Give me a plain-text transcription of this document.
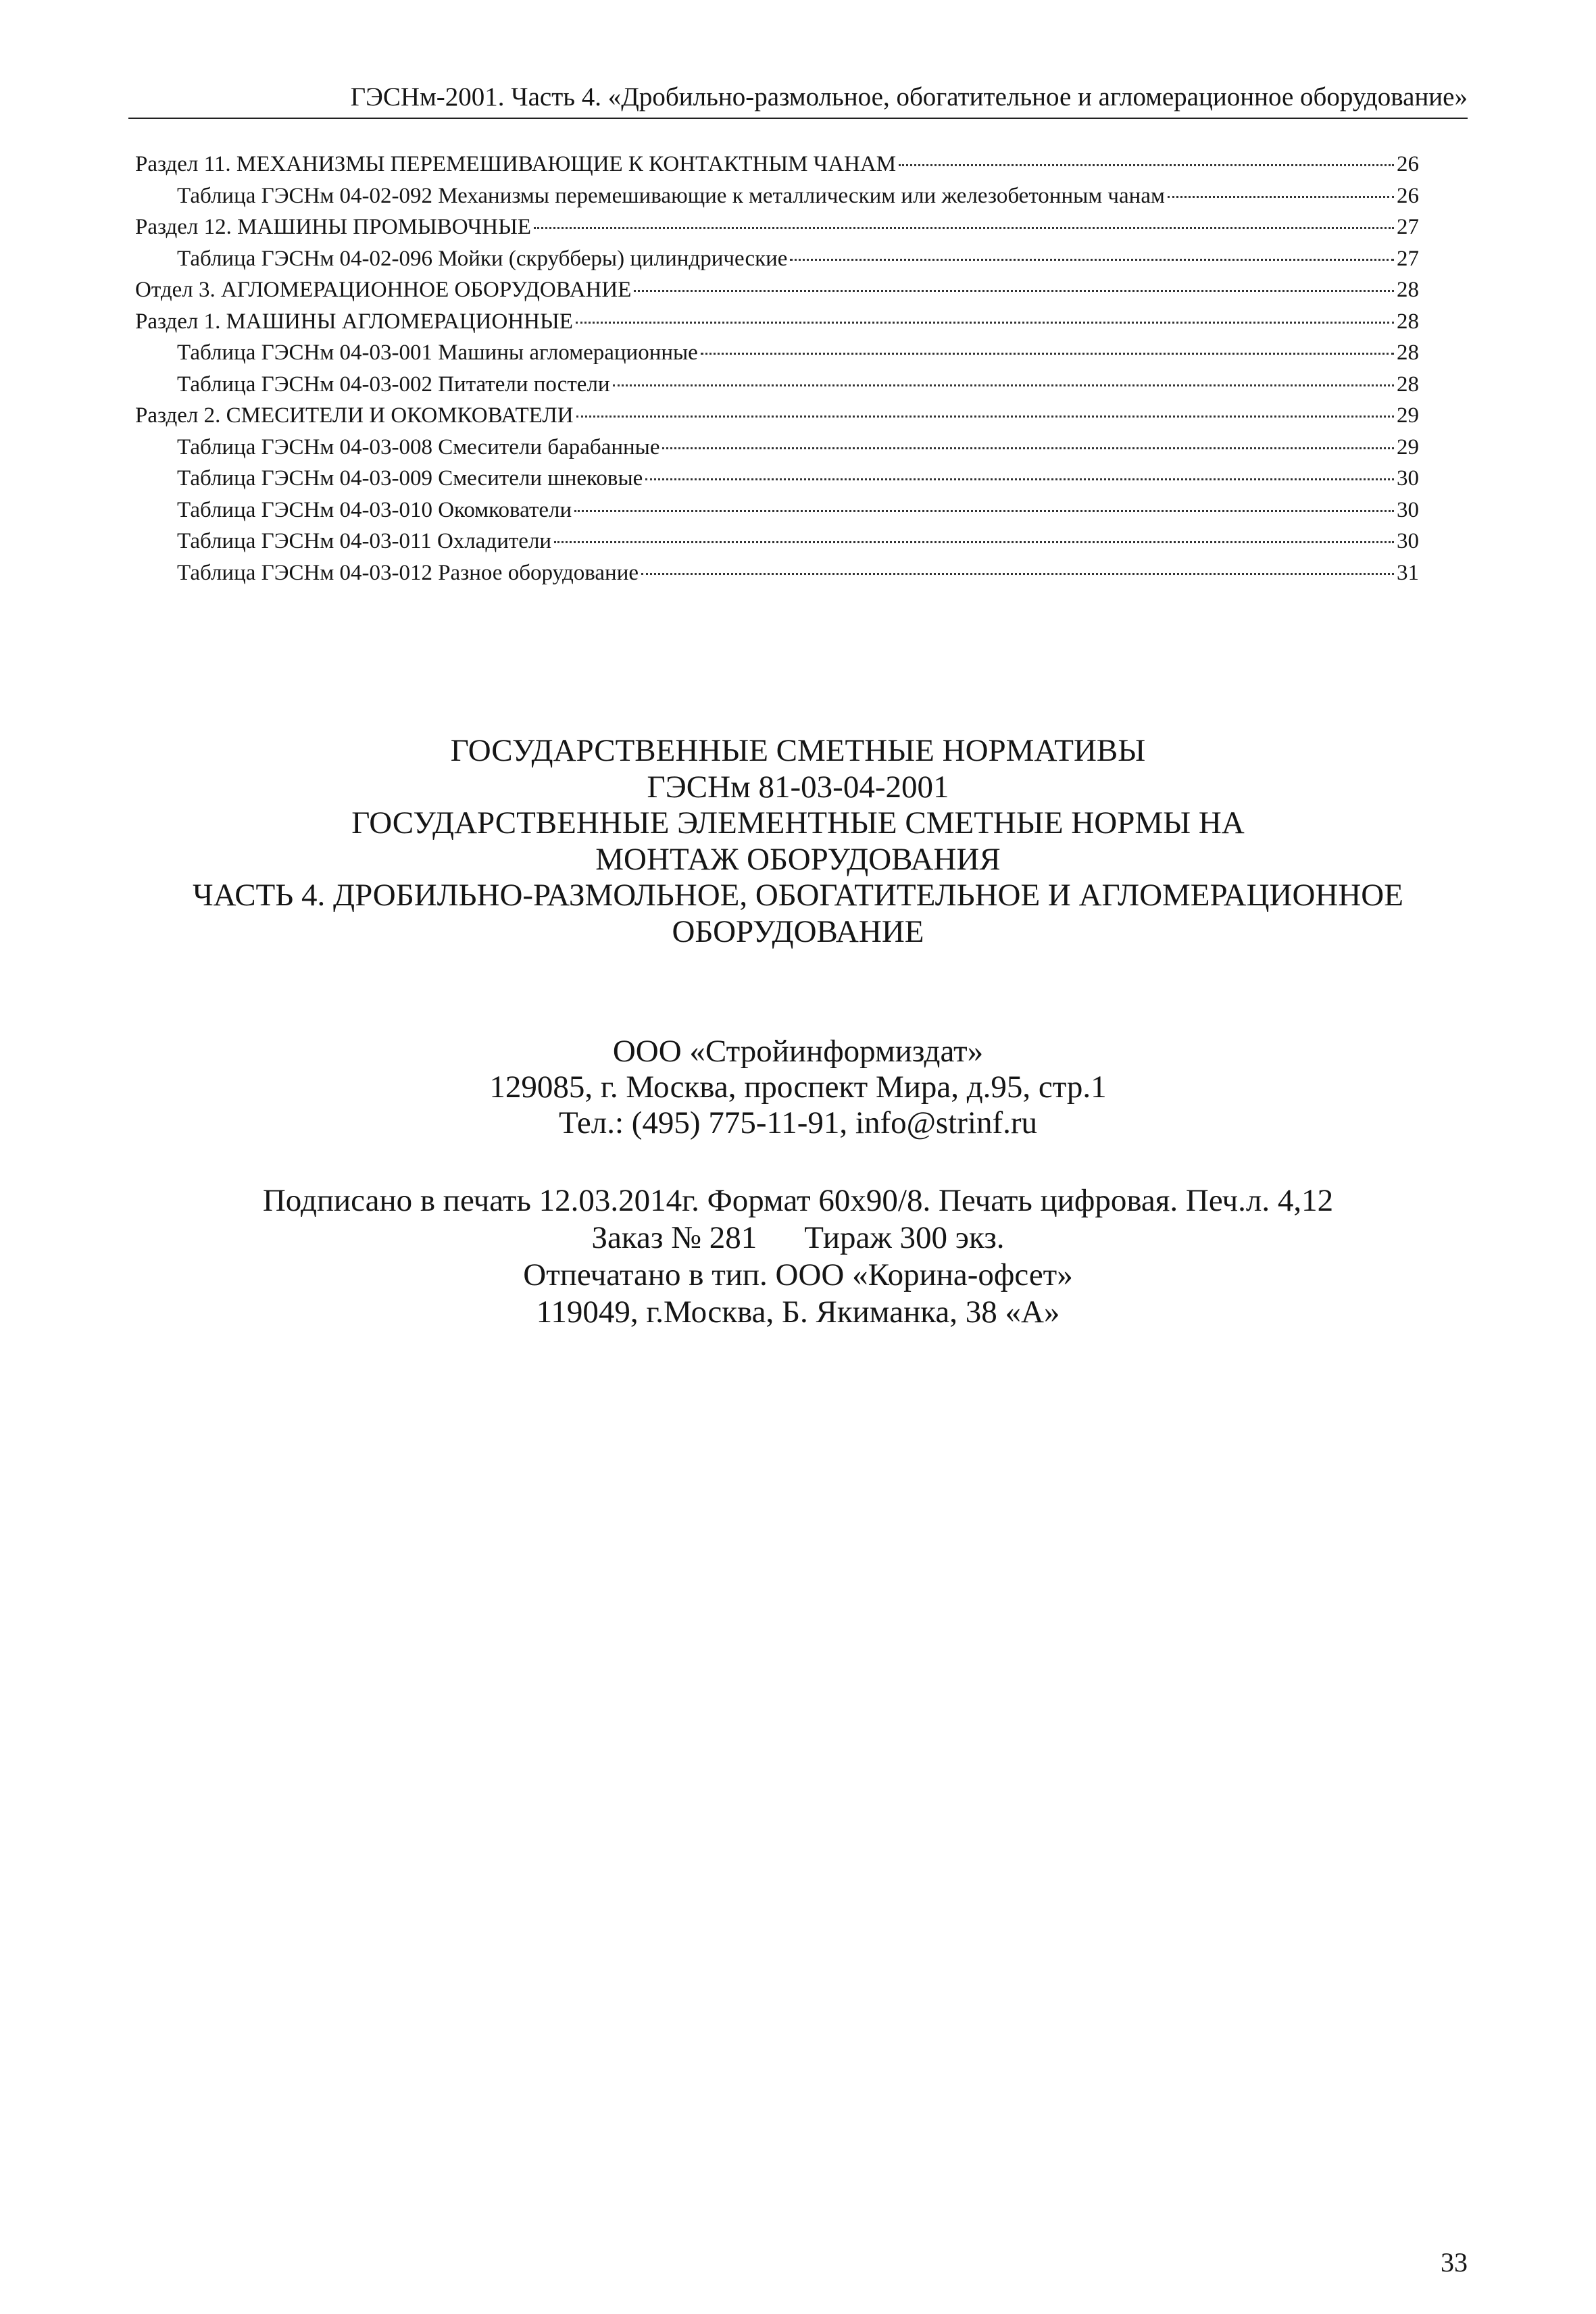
ГЭСНм-2001. Часть 4. «Дробильно-размольное, обогатительное и агломерационное оборудование»
Раздел 11. МЕХАНИЗМЫ ПЕРЕМЕШИВАЮЩИЕ К КОНТАКТНЫМ ЧАНАМ	26
Таблица ГЭСНм 04-02-092 Механизмы перемешивающие к металлическим или железобетонным чанам	26
Раздел 12. МАШИНЫ ПРОМЫВОЧНЫЕ	27
Таблица ГЭСНм 04-02-096 Мойки (скрубберы) цилиндрические	27
Отдел 3. АГЛОМЕРАЦИОННОЕ ОБОРУДОВАНИЕ	28
Раздел 1. МАШИНЫ АГЛОМЕРАЦИОННЫЕ	28
Таблица ГЭСНм 04-03-001 Машины агломерационные	28
Таблица ГЭСНм 04-03-002 Питатели постели	28
Раздел 2. СМЕСИТЕЛИ И ОКОМКОВАТЕЛИ	29
Таблица ГЭСНм 04-03-008 Смесители барабанные	29
Таблица ГЭСНм 04-03-009 Смесители шнековые	30
Таблица ГЭСНм 04-03-010 Окомкователи	30
Таблица ГЭСНм 04-03-011 Охладители	30
Таблица ГЭСНм 04-03-012 Разное оборудование	31
ГОСУДАРСТВЕННЫЕ СМЕТНЫЕ НОРМАТИВЫ
ГЭСНм 81-03-04-2001
ГОСУДАРСТВЕННЫЕ ЭЛЕМЕНТНЫЕ СМЕТНЫЕ НОРМЫ НА
МОНТАЖ ОБОРУДОВАНИЯ
ЧАСТЬ 4. ДРОБИЛЬНО-РАЗМОЛЬНОЕ, ОБОГАТИТЕЛЬНОЕ И АГЛОМЕРАЦИОННОЕ
ОБОРУДОВАНИЕ
ООО «Стройинформиздат»
129085, г. Москва, проспект Мира, д.95, стр.1
Тел.: (495) 775-11-91, info@strinf.ru
Подписано в печать 12.03.2014г. Формат 60x90/8. Печать цифровая. Печ.л. 4,12
Заказ № 281 Тираж 300 экз.
Отпечатано в тип. ООО «Корина-офсет»
119049, г.Москва, Б. Якиманка, 38 «А»
33
